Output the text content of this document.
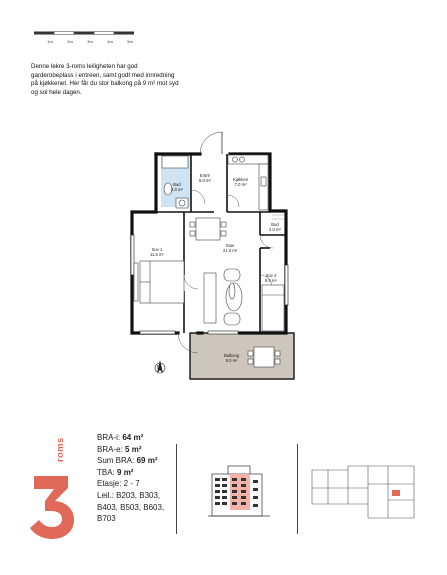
1m	2m	3m	4m	5m
Denne lekre 3-roms leiligheten har god garderobeplass i entreen, samt godt med innredning på kjøkkenet. Her får du stor balkong på 9 m² mot syd og sol hele dagen.
Entré
5.0 m²	Kjøkken
7.0 m²
Bad
4.0 m²
Bod
2.0 m²
Sov 1
11.5 m²
Stue
21.0 m²
Sov 2
8.5 m²
Balkong
9.0 m²
N
BRA-i: 64 m²
BRA-e: 5 m²
Sum BRA: 69 m²
TBA: 9 m²
Etasje: 2 - 7
Leil.: B203, B303,
B403, B503, B603,
B703
roms
